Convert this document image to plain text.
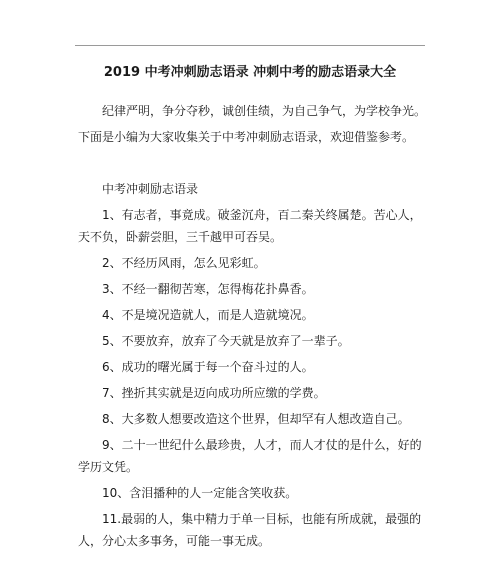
2019 中考冲刺励志语录 冲刺中考的励志语录大全

纪律严明，争分夺秒，诚创佳绩，为自己争气，为学校争光。

下面是小编为大家收集关于中考冲刺励志语录，欢迎借鉴参考。

中考冲刺励志语录

1、有志者，事竟成。破釜沉舟，百二秦关终属楚。苦心人，天不负，卧薪尝胆，三千越甲可吞吴。

2、不经历风雨，怎么见彩虹。

3、不经一翻彻苦寒，怎得梅花扑鼻香。

4、不是境况造就人，而是人造就境况。

5、不要放弃，放弃了今天就是放弃了一辈子。

6、成功的曙光属于每一个奋斗过的人。

7、挫折其实就是迈向成功所应缴的学费。

8、大多数人想要改造这个世界，但却罕有人想改造自己。

9、二十一世纪什么最珍贵，人才，而人才仗的是什么，好的学历文凭。

10、含泪播种的人一定能含笑收获。

11.最弱的人，集中精力于单一目标，也能有所成就，最强的人，分心太多事务，可能一事无成。
